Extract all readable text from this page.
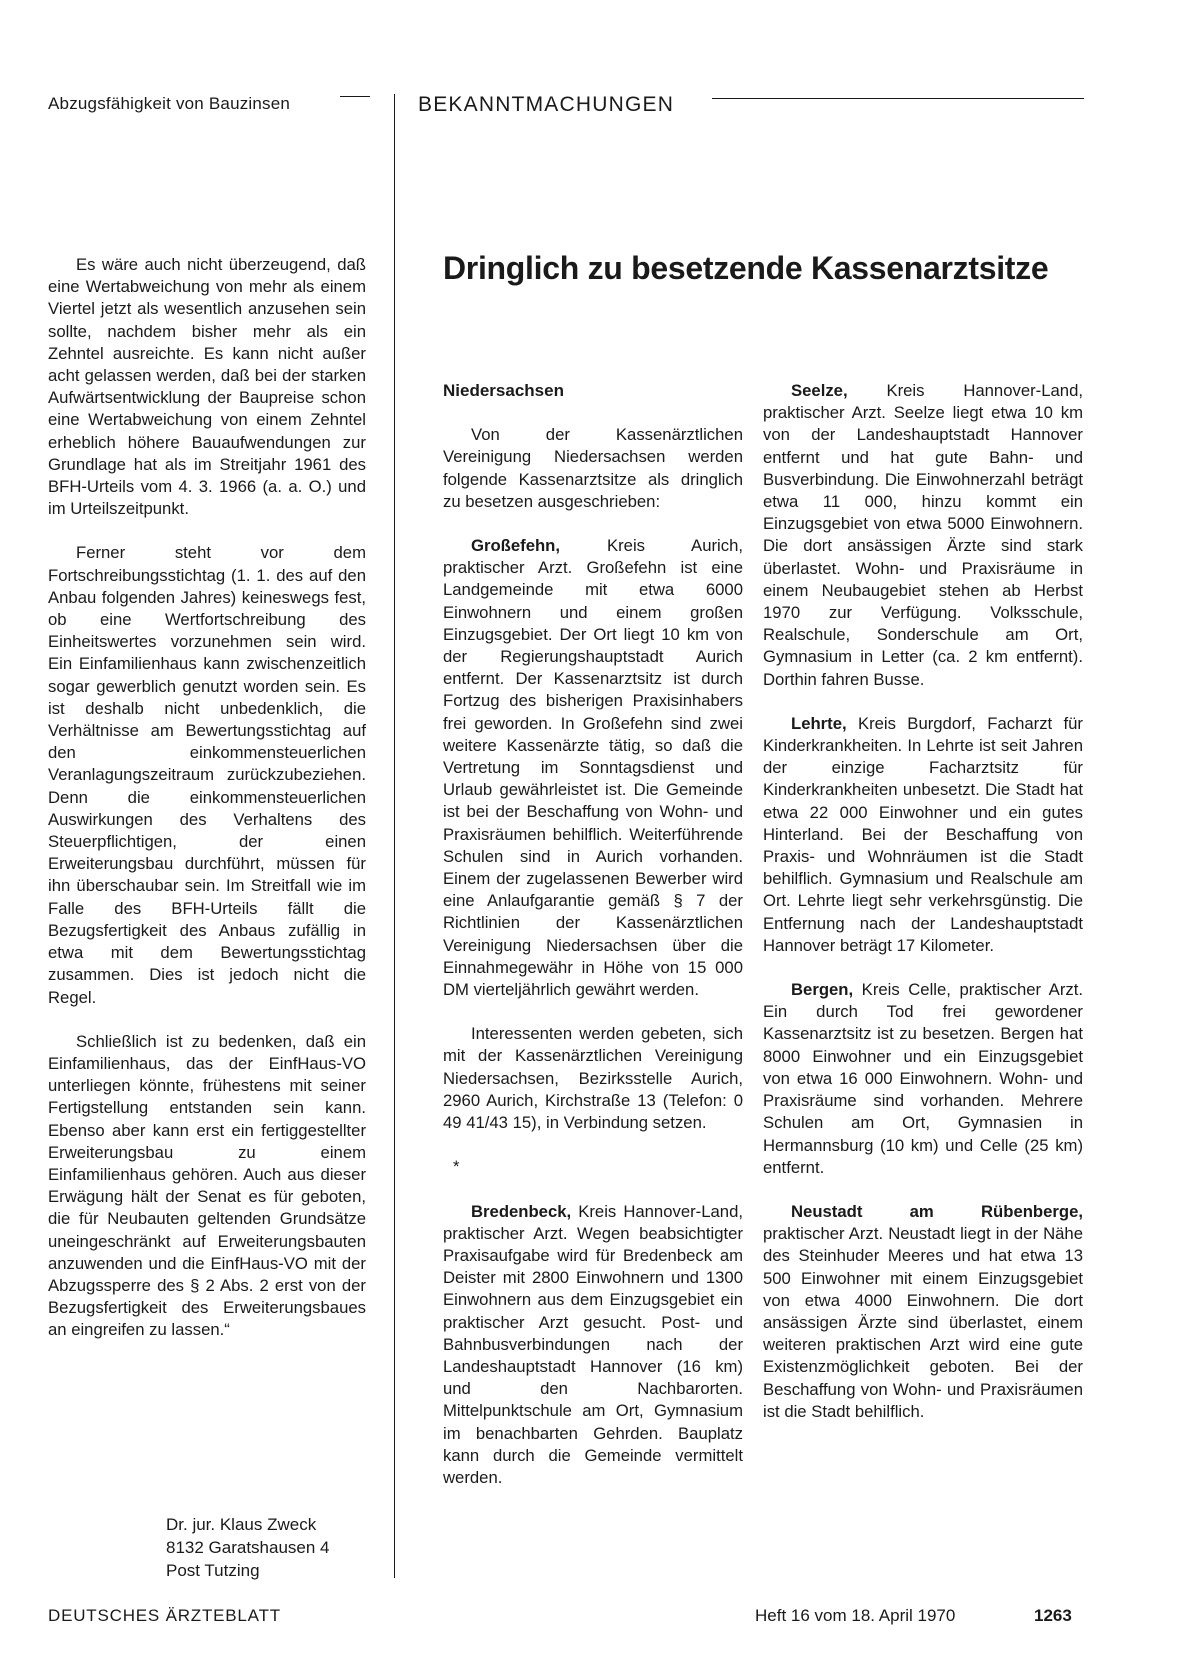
Abzugsfähigkeit von Bauzinsen	BEKANNTMACHUNGEN
Dringlich zu besetzende Kassenarztsitze

Es wäre auch nicht überzeugend, daß eine Wertabweichung von mehr als einem Viertel jetzt als wesentlich anzusehen sein sollte, nachdem bisher mehr als ein Zehntel ausreichte. Es kann nicht außer acht gelassen werden, daß bei der starken Aufwärtsentwicklung der Baupreise schon eine Wertabweichung von einem Zehntel erheblich höhere Bauaufwendungen zur Grundlage hat als im Streitjahr 1961 des BFH-Urteils vom 4. 3. 1966 (a. a. O.) und im Urteilszeitpunkt.

Ferner steht vor dem Fortschreibungsstichtag (1. 1. des auf den Anbau folgenden Jahres) keineswegs fest, ob eine Wertfortschreibung des Einheitswertes vorzunehmen sein wird. Ein Einfamilienhaus kann zwischenzeitlich sogar gewerblich genutzt worden sein. Es ist deshalb nicht unbedenklich, die Verhältnisse am Bewertungsstichtag auf den einkommensteuerlichen Veranlagungszeitraum zurückzubeziehen. Denn die einkommensteuerlichen Auswirkungen des Verhaltens des Steuerpflichtigen, der einen Erweiterungsbau durchführt, müssen für ihn überschaubar sein. Im Streitfall wie im Falle des BFH-Urteils fällt die Bezugsfertigkeit des Anbaus zufällig in etwa mit dem Bewertungsstichtag zusammen. Dies ist jedoch nicht die Regel.

Schließlich ist zu bedenken, daß ein Einfamilienhaus, das der EinfHaus-VO unterliegen könnte, frühestens mit seiner Fertigstellung entstanden sein kann. Ebenso aber kann erst ein fertiggestellter Erweiterungsbau zu einem Einfamilienhaus gehören. Auch aus dieser Erwägung hält der Senat es für geboten, die für Neubauten geltenden Grundsätze uneingeschränkt auf Erweiterungsbauten anzuwenden und die EinfHaus-VO mit der Abzugssperre des § 2 Abs. 2 erst von der Bezugsfertigkeit des Erweiterungsbaues an eingreifen zu lassen.“

Dr. jur. Klaus Zweck
8132 Garatshausen 4
Post Tutzing
Niedersachsen

Von der Kassenärztlichen Vereinigung Niedersachsen werden folgende Kassenarztsitze als dringlich zu besetzen ausgeschrieben:

Großefehn, Kreis Aurich, praktischer Arzt. Großefehn ist eine Landgemeinde mit etwa 6000 Einwohnern und einem großen Einzugsgebiet. Der Ort liegt 10 km von der Regierungshauptstadt Aurich entfernt. Der Kassenarztsitz ist durch Fortzug des bisherigen Praxisinhabers frei geworden. In Großefehn sind zwei weitere Kassenärzte tätig, so daß die Vertretung im Sonntagsdienst und Urlaub gewährleistet ist. Die Gemeinde ist bei der Beschaffung von Wohn- und Praxisräumen behilflich. Weiterführende Schulen sind in Aurich vorhanden. Einem der zugelassenen Bewerber wird eine Anlaufgarantie gemäß § 7 der Richtlinien der Kassenärztlichen Vereinigung Niedersachsen über die Einnahmegewähr in Höhe von 15 000 DM vierteljährlich gewährt werden.

Interessenten werden gebeten, sich mit der Kassenärztlichen Vereinigung Niedersachsen, Bezirksstelle Aurich, 2960 Aurich, Kirchstraße 13 (Telefon: 0 49 41/43 15), in Verbindung setzen.

*

Bredenbeck, Kreis Hannover-Land, praktischer Arzt. Wegen beabsichtigter Praxisaufgabe wird für Bredenbeck am Deister mit 2800 Einwohnern und 1300 Einwohnern aus dem Einzugsgebiet ein praktischer Arzt gesucht. Post- und Bahnbusverbindungen nach der Landeshauptstadt Hannover (16 km) und den Nachbarorten. Mittelpunktschule am Ort, Gymnasium im benachbarten Gehrden. Bauplatz kann durch die Gemeinde vermittelt werden.

Seelze, Kreis Hannover-Land, praktischer Arzt. Seelze liegt etwa 10 km von der Landeshauptstadt Hannover entfernt und hat gute Bahn- und Busverbindung. Die Einwohnerzahl beträgt etwa 11 000, hinzu kommt ein Einzugsgebiet von etwa 5000 Einwohnern. Die dort ansässigen Ärzte sind stark überlastet. Wohn- und Praxisräume in einem Neubaugebiet stehen ab Herbst 1970 zur Verfügung. Volksschule, Realschule, Sonderschule am Ort, Gymnasium in Letter (ca. 2 km entfernt). Dorthin fahren Busse.

Lehrte, Kreis Burgdorf, Facharzt für Kinderkrankheiten. In Lehrte ist seit Jahren der einzige Facharztsitz für Kinderkrankheiten unbesetzt. Die Stadt hat etwa 22 000 Einwohner und ein gutes Hinterland. Bei der Beschaffung von Praxis- und Wohnräumen ist die Stadt behilflich. Gymnasium und Realschule am Ort. Lehrte liegt sehr verkehrsgünstig. Die Entfernung nach der Landeshauptstadt Hannover beträgt 17 Kilometer.

Bergen, Kreis Celle, praktischer Arzt. Ein durch Tod frei gewordener Kassenarztsitz ist zu besetzen. Bergen hat 8000 Einwohner und ein Einzugsgebiet von etwa 16 000 Einwohnern. Wohn- und Praxisräume sind vorhanden. Mehrere Schulen am Ort, Gymnasien in Hermannsburg (10 km) und Celle (25 km) entfernt.

Neustadt am Rübenberge, praktischer Arzt. Neustadt liegt in der Nähe des Steinhuder Meeres und hat etwa 13 500 Einwohner mit einem Einzugsgebiet von etwa 4000 Einwohnern. Die dort ansässigen Ärzte sind überlastet, einem weiteren praktischen Arzt wird eine gute Existenzmöglichkeit geboten. Bei der Beschaffung von Wohn- und Praxisräumen ist die Stadt behilflich.

DEUTSCHES ÄRZTEBLATT	Heft 16 vom 18. April 1970	1263
